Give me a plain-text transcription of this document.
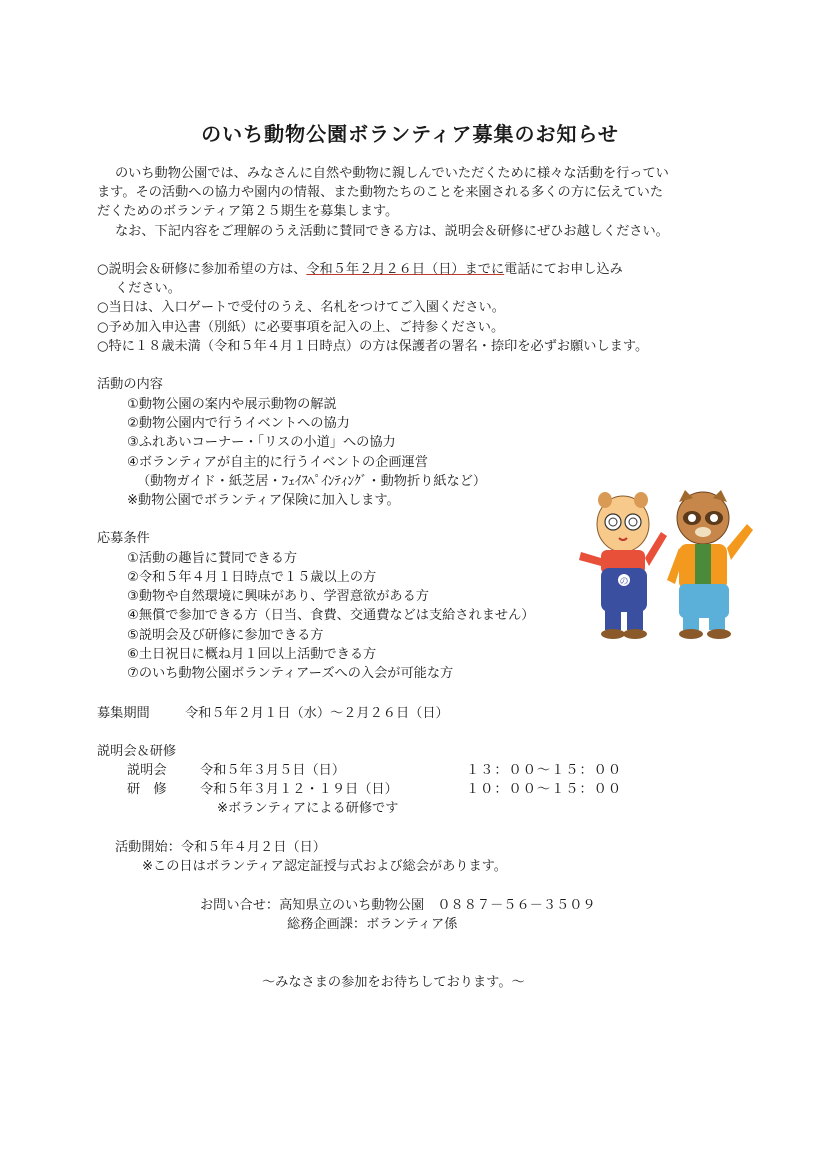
のいち動物公園ボランティア募集のお知らせ
のいち動物公園では、みなさんに自然や動物に親しんでいただくために様々な活動を行ってい
ます。その活動への協力や園内の情報、また動物たちのことを来園される多くの方に伝えていた
だくためのボランティア第２５期生を募集します。
なお、下記内容をご理解のうえ活動に賛同できる方は、説明会＆研修にぜひお越しください。
○説明会＆研修に参加希望の方は、令和５年２月２６日（日）までに電話にてお申し込み
ください。
○当日は、入口ゲートで受付のうえ、名札をつけてご入園ください。
○予め加入申込書（別紙）に必要事項を記入の上、ご持参ください。
○特に１８歳未満（令和５年４月１日時点）の方は保護者の署名・捺印を必ずお願いします。
活動の内容
①動物公園の案内や展示動物の解説
②動物公園内で行うイベントへの協力
③ふれあいコーナー・「リスの小道」への協力
④ボランティアが自主的に行うイベントの企画運営
（動物ガイド・紙芝居・ﾌｪｲｽﾍﾟｲﾝﾃｨﾝｸﾞ・動物折り紙など）
※動物公園でボランティア保険に加入します。
応募条件
①活動の趣旨に賛同できる方
②令和５年４月１日時点で１５歳以上の方
③動物や自然環境に興味があり、学習意欲がある方
④無償で参加できる方（日当、食費、交通費などは支給されません）
⑤説明会及び研修に参加できる方
⑥土日祝日に概ね月１回以上活動できる方
⑦のいち動物公園ボランティアーズへの入会が可能な方
募集期間	令和５年２月１日（水）～２月２６日（日）
説明会＆研修
説明会	令和５年３月５日（日）	１３：００～１５：００
研　修	令和５年３月１２・１９日（日）	１０：００～１５：００
※ボランティアによる研修です
活動開始：令和５年４月２日（日）
※この日はボランティア認定証授与式および総会があります。
お問い合せ：高知県立のいち動物公園　０８８７－５６－３５０９
総務企画課：ボランティア係
～みなさまの参加をお待ちしております。～
の
